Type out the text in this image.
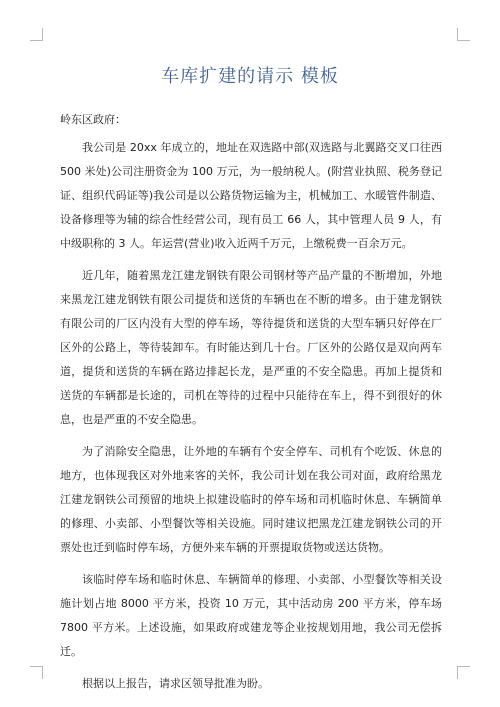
车库扩建的请示 模板

岭东区政府：

我公司是 20xx 年成立的，地址在双选路中部(双选路与北翼路交叉口往西 500 米处)公司注册资金为 100 万元，为一般纳税人。(附营业执照、税务登记证、组织代码证等)我公司是以公路货物运输为主，机械加工、水暖管件制造、设备修理等为辅的综合性经营公司，现有员工 66 人，其中管理人员 9 人，有中级职称的 3 人。年运营(营业)收入近两千万元，上缴税费一百余万元。

近几年，随着黑龙江建龙钢铁有限公司钢材等产品产量的不断增加，外地来黑龙江建龙钢铁有限公司提货和送货的车辆也在不断的增多。由于建龙钢铁有限公司的厂区内没有大型的停车场，等待提货和送货的大型车辆只好停在厂区外的公路上，等待装卸车。有时能达到几十台。厂区外的公路仅是双向两车道，提货和送货的车辆在路边排起长龙，是严重的不安全隐患。再加上提货和送货的车辆都是长途的，司机在等待的过程中只能待在车上，得不到很好的休息，也是严重的不安全隐患。

为了消除安全隐患，让外地的车辆有个安全停车、司机有个吃饭、休息的地方，也体现我区对外地来客的关怀，我公司计划在我公司对面，政府给黑龙江建龙钢铁公司预留的地块上拟建设临时的停车场和司机临时休息、车辆简单的修理、小卖部、小型餐饮等相关设施。同时建议把黑龙江建龙钢铁公司的开票处也迁到临时停车场，方便外来车辆的开票提取货物或送达货物。

该临时停车场和临时休息、车辆简单的修理、小卖部、小型餐饮等相关设施计划占地 8000 平方米，投资 10 万元，其中活动房 200 平方米，停车场 7800 平方米。上述设施，如果政府或建龙等企业按规划用地，我公司无偿拆迁。

根据以上报告，请求区领导批准为盼。
